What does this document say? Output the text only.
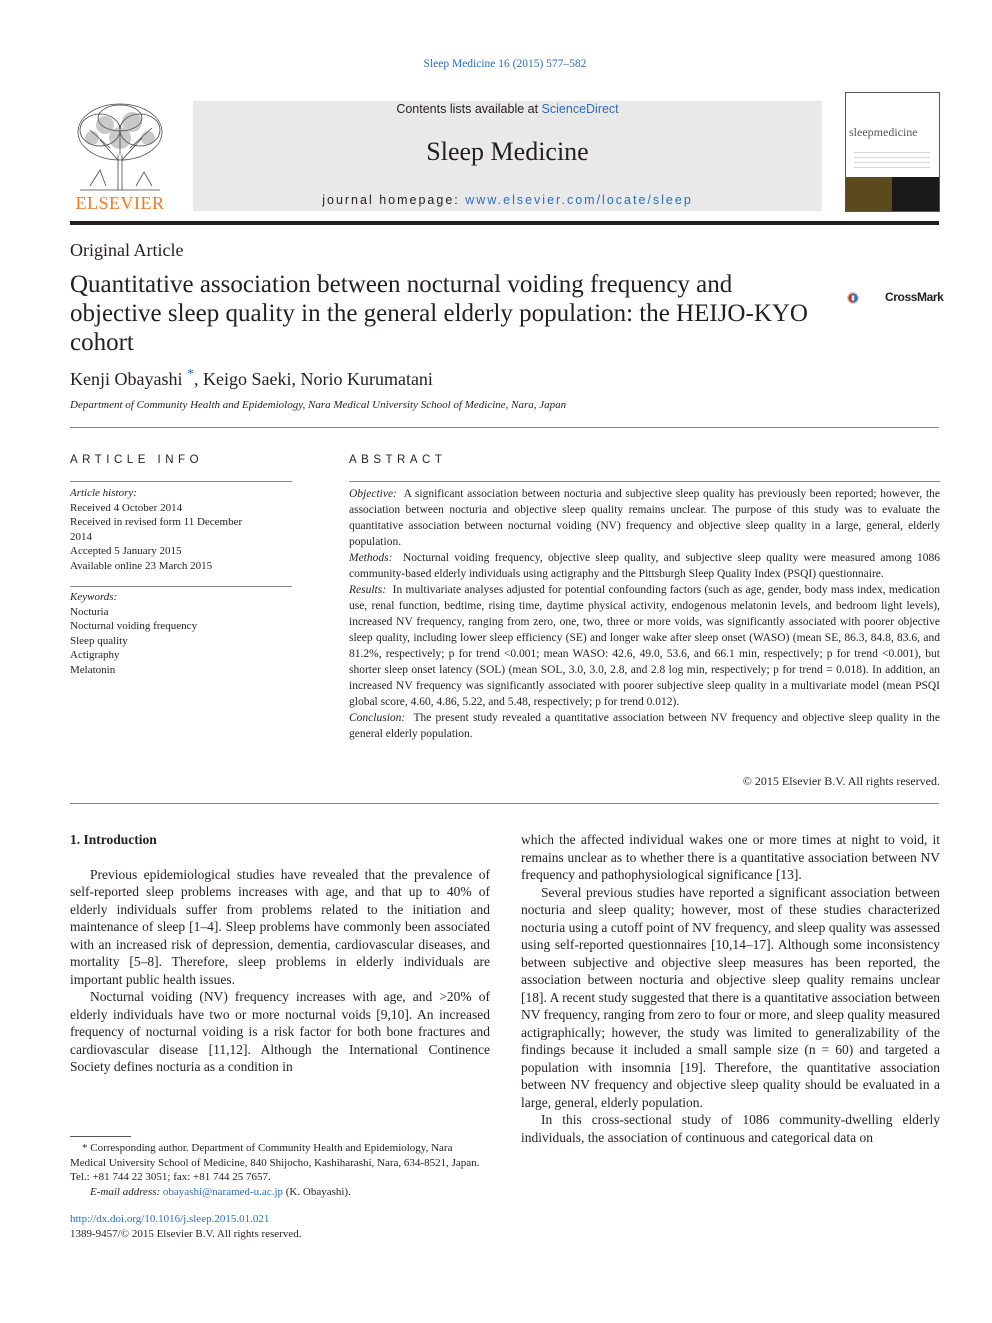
Sleep Medicine 16 (2015) 577–582
ELSEVIER
Contents lists available at ScienceDirect
Sleep Medicine
journal homepage: www.elsevier.com/locate/sleep
sleepmedicine
Original Article
Quantitative association between nocturnal voiding frequency and objective sleep quality in the general elderly population: the HEIJO-KYO cohort
CrossMark
Kenji Obayashi *, Keigo Saeki, Norio Kurumatani
Department of Community Health and Epidemiology, Nara Medical University School of Medicine, Nara, Japan
ARTICLE INFO
Article history:
Received 4 October 2014
Received in revised form 11 December
2014
Accepted 5 January 2015
Available online 23 March 2015
Keywords:
Nocturia
Nocturnal voiding frequency
Sleep quality
Actigraphy
Melatonin
ABSTRACT

Objective: A significant association between nocturia and subjective sleep quality has previously been reported; however, the association between nocturia and objective sleep quality remains unclear. The purpose of this study was to evaluate the quantitative association between nocturnal voiding (NV) frequency and objective sleep quality in a large, general, elderly population.

Methods: Nocturnal voiding frequency, objective sleep quality, and subjective sleep quality were measured among 1086 community-based elderly individuals using actigraphy and the Pittsburgh Sleep Quality Index (PSQI) questionnaire.

Results: In multivariate analyses adjusted for potential confounding factors (such as age, gender, body mass index, medication use, renal function, bedtime, rising time, daytime physical activity, endogenous melatonin levels, and bedroom light levels), increased NV frequency, ranging from zero, one, two, three or more voids, was significantly associated with poorer objective sleep quality, including lower sleep efficiency (SE) and longer wake after sleep onset (WASO) (mean SE, 86.3, 84.8, 83.6, and 81.2%, respectively; p for trend <0.001; mean WASO: 42.6, 49.0, 53.6, and 66.1 min, respectively; p for trend <0.001), but shorter sleep onset latency (SOL) (mean SOL, 3.0, 3.0, 2.8, and 2.8 log min, respectively; p for trend = 0.018). In addition, an increased NV frequency was significantly associated with poorer subjective sleep quality in a multivariate model (mean PSQI global score, 4.60, 4.86, 5.22, and 5.48, respectively; p for trend 0.012).

Conclusion: The present study revealed a quantitative association between NV frequency and objective sleep quality in the general elderly population.

© 2015 Elsevier B.V. All rights reserved.
1. Introduction

Previous epidemiological studies have revealed that the prevalence of self-reported sleep problems increases with age, and that up to 40% of elderly individuals suffer from problems related to the initiation and maintenance of sleep [1–4]. Sleep problems have commonly been associated with an increased risk of depression, dementia, cardiovascular diseases, and mortality [5–8]. Therefore, sleep problems in elderly individuals are important public health issues.

Nocturnal voiding (NV) frequency increases with age, and >20% of elderly individuals have two or more nocturnal voids [9,10]. An increased frequency of nocturnal voiding is a risk factor for both bone fractures and cardiovascular disease [11,12]. Although the International Continence Society defines nocturia as a condition in

which the affected individual wakes one or more times at night to void, it remains unclear as to whether there is a quantitative association between NV frequency and pathophysiological significance [13].

Several previous studies have reported a significant association between nocturia and sleep quality; however, most of these studies characterized nocturia using a cutoff point of NV frequency, and sleep quality was assessed using self-reported questionnaires [10,14–17]. Although some inconsistency between subjective and objective sleep measures has been reported, the association between nocturia and objective sleep quality remains unclear [18]. A recent study suggested that there is a quantitative association between NV frequency, ranging from zero to four or more, and sleep quality measured actigraphically; however, the study was limited to generalizability of the findings because it included a small sample size (n = 60) and targeted a population with insomnia [19]. Therefore, the quantitative association between NV frequency and objective sleep quality should be evaluated in a large, general, elderly population.

In this cross-sectional study of 1086 community-dwelling elderly individuals, the association of continuous and categorical data on

* Corresponding author. Department of Community Health and Epidemiology, Nara Medical University School of Medicine, 840 Shijocho, Kashiharashi, Nara, 634-8521, Japan. Tel.: +81 744 22 3051; fax: +81 744 25 7657.
E-mail address: obayashi@naramed-u.ac.jp (K. Obayashi).
http://dx.doi.org/10.1016/j.sleep.2015.01.021
1389-9457/© 2015 Elsevier B.V. All rights reserved.
